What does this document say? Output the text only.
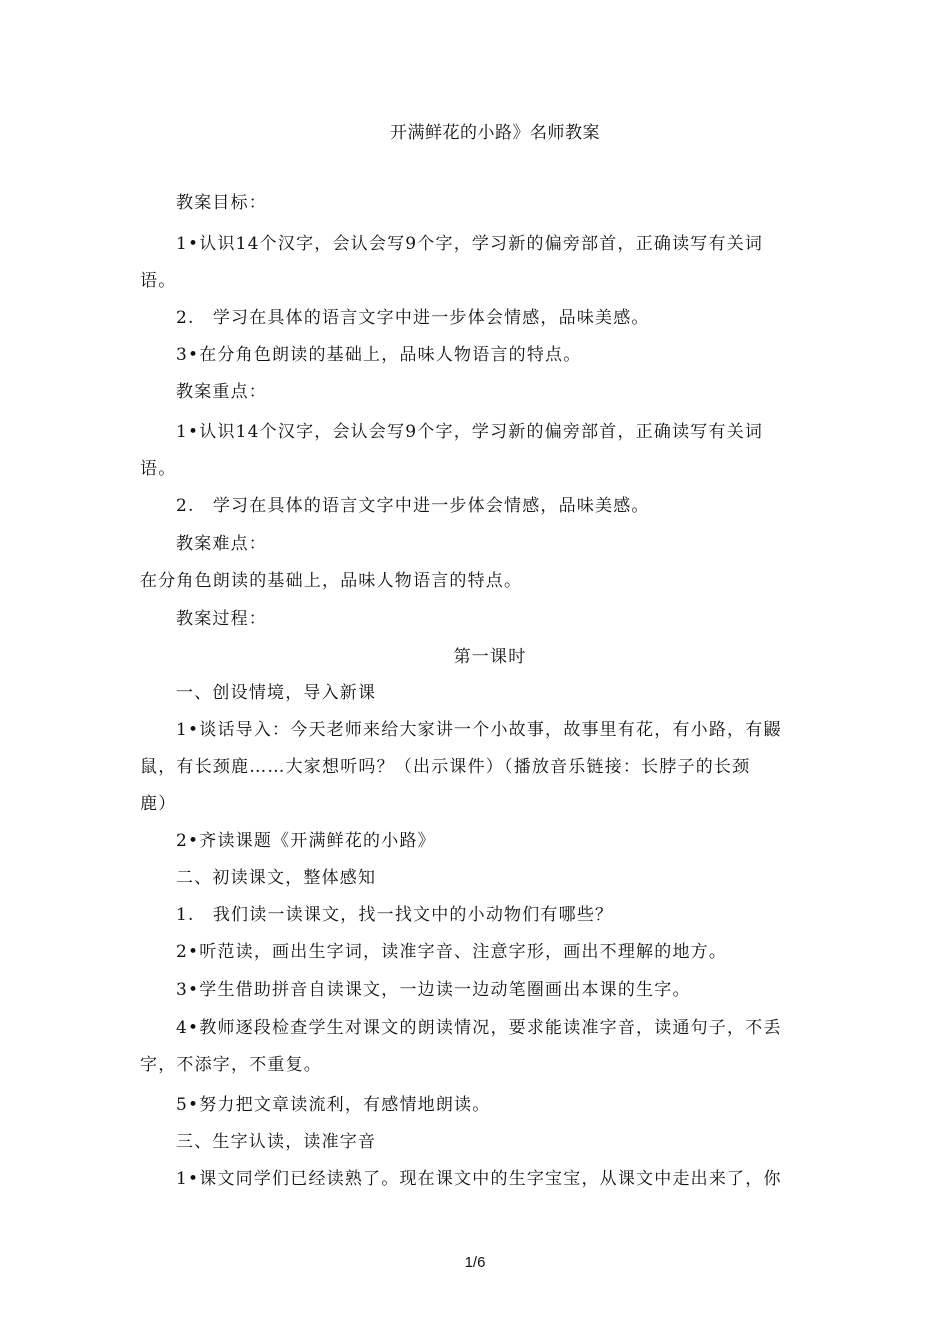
开满鲜花的小路》名师教案
教案目标：
1•认识14个汉字，会认会写9个字，学习新的偏旁部首，正确读写有关词
语。
2.　学习在具体的语言文字中进一步体会情感，品味美感。
3•在分角色朗读的基础上，品味人物语言的特点。
教案重点：
1•认识14个汉字，会认会写9个字，学习新的偏旁部首，正确读写有关词
语。
2.　学习在具体的语言文字中进一步体会情感，品味美感。
教案难点：
在分角色朗读的基础上，品味人物语言的特点。
教案过程：
第一课时
一、创设情境，导入新课
1•谈话导入：今天老师来给大家讲一个小故事，故事里有花，有小路，有鼹
鼠，有长颈鹿……大家想听吗？（出示课件）（播放音乐链接：长脖子的长颈
鹿）
2•齐读课题《开满鲜花的小路》
二、初读课文，整体感知
1.　我们读一读课文，找一找文中的小动物们有哪些？
2•听范读，画出生字词，读准字音、注意字形，画出不理解的地方。
3•学生借助拼音自读课文，一边读一边动笔圈画出本课的生字。
4•教师逐段检查学生对课文的朗读情况，要求能读准字音，读通句子，不丢
字，不添字，不重复。
5•努力把文章读流利，有感情地朗读。
三、生字认读，读准字音
1•课文同学们已经读熟了。现在课文中的生字宝宝，从课文中走出来了，你
1/6
